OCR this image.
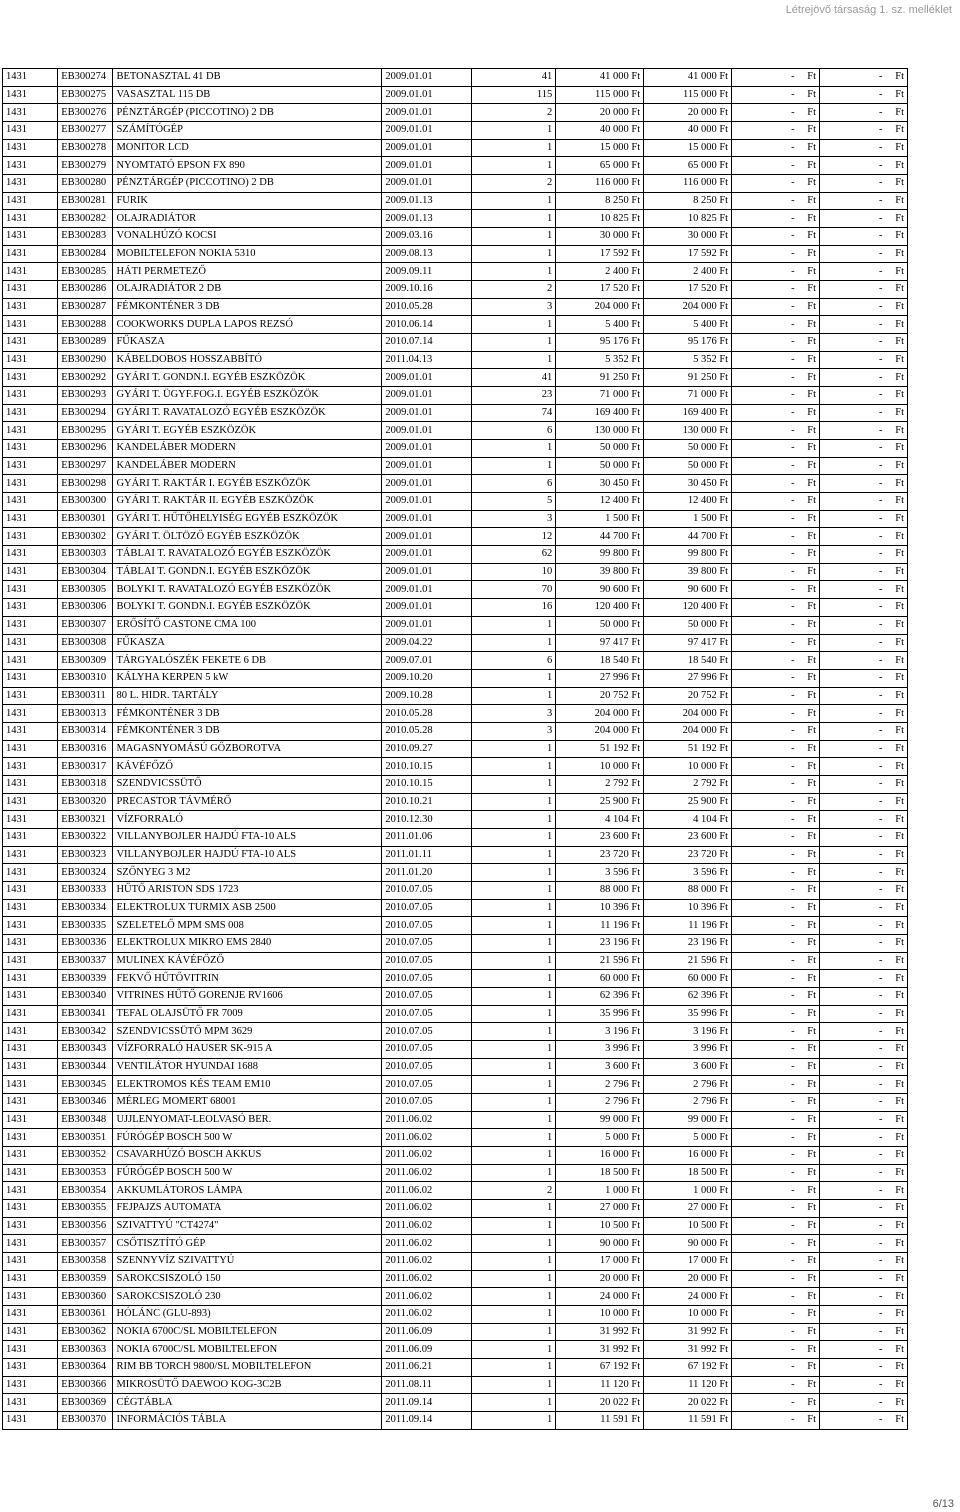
Létrejövő társaság 1. sz. melléklet
1431	EB300274	BETONASZTAL 41 DB	2009.01.01	41	41 000 Ft	41 000 Ft	- Ft	- Ft

1431	EB300275	VASASZTAL 115 DB	2009.01.01	115	115 000 Ft	115 000 Ft	- Ft	- Ft

1431	EB300276	PÉNZTÁRGÉP (PICCOTINO) 2 DB	2009.01.01	2	20 000 Ft	20 000 Ft	- Ft	- Ft

1431	EB300277	SZÁMÍTÓGÉP	2009.01.01	1	40 000 Ft	40 000 Ft	- Ft	- Ft

1431	EB300278	MONITOR LCD	2009.01.01	1	15 000 Ft	15 000 Ft	- Ft	- Ft

1431	EB300279	NYOMTATÓ EPSON FX 890	2009.01.01	1	65 000 Ft	65 000 Ft	- Ft	- Ft

1431	EB300280	PÉNZTÁRGÉP (PICCOTINO) 2 DB	2009.01.01	2	116 000 Ft	116 000 Ft	- Ft	- Ft

1431	EB300281	FURIK	2009.01.13	1	8 250 Ft	8 250 Ft	- Ft	- Ft

1431	EB300282	OLAJRADIÁTOR	2009.01.13	1	10 825 Ft	10 825 Ft	- Ft	- Ft

1431	EB300283	VONALHÚZÓ KOCSI	2009.03.16	1	30 000 Ft	30 000 Ft	- Ft	- Ft

1431	EB300284	MOBILTELEFON NOKIA 5310	2009.08.13	1	17 592 Ft	17 592 Ft	- Ft	- Ft

1431	EB300285	HÁTI PERMETEZŐ	2009.09.11	1	2 400 Ft	2 400 Ft	- Ft	- Ft

1431	EB300286	OLAJRADIÁTOR 2 DB	2009.10.16	2	17 520 Ft	17 520 Ft	- Ft	- Ft

1431	EB300287	FÉMKONTÉNER 3 DB	2010.05.28	3	204 000 Ft	204 000 Ft	- Ft	- Ft

1431	EB300288	COOKWORKS DUPLA LAPOS REZSÓ	2010.06.14	1	5 400 Ft	5 400 Ft	- Ft	- Ft

1431	EB300289	FŰKASZA	2010.07.14	1	95 176 Ft	95 176 Ft	- Ft	- Ft

1431	EB300290	KÁBELDOBOS HOSSZABBÍTÓ	2011.04.13	1	5 352 Ft	5 352 Ft	- Ft	- Ft

1431	EB300292	GYÁRI T. GONDN.I. EGYÉB ESZKÖZÖK	2009.01.01	41	91 250 Ft	91 250 Ft	- Ft	- Ft

1431	EB300293	GYÁRI T. ÜGYF.FOG.I. EGYÉB ESZKÖZÖK	2009.01.01	23	71 000 Ft	71 000 Ft	- Ft	- Ft

1431	EB300294	GYÁRI T. RAVATALOZÓ EGYÉB ESZKÖZÖK	2009.01.01	74	169 400 Ft	169 400 Ft	- Ft	- Ft

1431	EB300295	GYÁRI T. EGYÉB ESZKÖZÖK	2009.01.01	6	130 000 Ft	130 000 Ft	- Ft	- Ft

1431	EB300296	KANDELÁBER MODERN	2009.01.01	1	50 000 Ft	50 000 Ft	- Ft	- Ft

1431	EB300297	KANDELÁBER MODERN	2009.01.01	1	50 000 Ft	50 000 Ft	- Ft	- Ft

1431	EB300298	GYÁRI T. RAKTÁR I. EGYÉB ESZKÖZÖK	2009.01.01	6	30 450 Ft	30 450 Ft	- Ft	- Ft

1431	EB300300	GYÁRI T. RAKTÁR II. EGYÉB ESZKÖZÖK	2009.01.01	5	12 400 Ft	12 400 Ft	- Ft	- Ft

1431	EB300301	GYÁRI T. HŰTŐHELYISÉG EGYÉB ESZKÖZÖK	2009.01.01	3	1 500 Ft	1 500 Ft	- Ft	- Ft

1431	EB300302	GYÁRI T. ÖLTÖZŐ EGYÉB ESZKÖZÖK	2009.01.01	12	44 700 Ft	44 700 Ft	- Ft	- Ft

1431	EB300303	TÁBLAI T. RAVATALOZÓ EGYÉB ESZKÖZÖK	2009.01.01	62	99 800 Ft	99 800 Ft	- Ft	- Ft

1431	EB300304	TÁBLAI T. GONDN.I. EGYÉB ESZKÖZÖK	2009.01.01	10	39 800 Ft	39 800 Ft	- Ft	- Ft

1431	EB300305	BOLYKI T. RAVATALOZÓ EGYÉB ESZKÖZÖK	2009.01.01	70	90 600 Ft	90 600 Ft	- Ft	- Ft

1431	EB300306	BOLYKI T. GONDN.I. EGYÉB ESZKÖZÖK	2009.01.01	16	120 400 Ft	120 400 Ft	- Ft	- Ft

1431	EB300307	ERŐSÍTŐ CASTONE CMA 100	2009.01.01	1	50 000 Ft	50 000 Ft	- Ft	- Ft

1431	EB300308	FŰKASZA	2009.04.22	1	97 417 Ft	97 417 Ft	- Ft	- Ft

1431	EB300309	TÁRGYALÓSZÉK FEKETE 6 DB	2009.07.01	6	18 540 Ft	18 540 Ft	- Ft	- Ft

1431	EB300310	KÁLYHA KERPEN 5 kW	2009.10.20	1	27 996 Ft	27 996 Ft	- Ft	- Ft

1431	EB300311	80 L. HIDR. TARTÁLY	2009.10.28	1	20 752 Ft	20 752 Ft	- Ft	- Ft

1431	EB300313	FÉMKONTÉNER 3 DB	2010.05.28	3	204 000 Ft	204 000 Ft	- Ft	- Ft

1431	EB300314	FÉMKONTÉNER 3 DB	2010.05.28	3	204 000 Ft	204 000 Ft	- Ft	- Ft

1431	EB300316	MAGASNYOMÁSÚ GŐZBOROTVA	2010.09.27	1	51 192 Ft	51 192 Ft	- Ft	- Ft

1431	EB300317	KÁVÉFŐZŐ	2010.10.15	1	10 000 Ft	10 000 Ft	- Ft	- Ft

1431	EB300318	SZENDVICSSÜTŐ	2010.10.15	1	2 792 Ft	2 792 Ft	- Ft	- Ft

1431	EB300320	PRECASTOR TÁVMÉRŐ	2010.10.21	1	25 900 Ft	25 900 Ft	- Ft	- Ft

1431	EB300321	VÍZFORRALÓ	2010.12.30	1	4 104 Ft	4 104 Ft	- Ft	- Ft

1431	EB300322	VILLANYBOJLER HAJDÚ FTA-10 ALS	2011.01.06	1	23 600 Ft	23 600 Ft	- Ft	- Ft

1431	EB300323	VILLANYBOJLER HAJDÚ FTA-10 ALS	2011.01.11	1	23 720 Ft	23 720 Ft	- Ft	- Ft

1431	EB300324	SZŐNYEG 3 M2	2011.01.20	1	3 596 Ft	3 596 Ft	- Ft	- Ft

1431	EB300333	HŰTŐ ARISTON SDS 1723	2010.07.05	1	88 000 Ft	88 000 Ft	- Ft	- Ft

1431	EB300334	ELEKTROLUX TURMIX ASB 2500	2010.07.05	1	10 396 Ft	10 396 Ft	- Ft	- Ft

1431	EB300335	SZELETELŐ MPM SMS 008	2010.07.05	1	11 196 Ft	11 196 Ft	- Ft	- Ft

1431	EB300336	ELEKTROLUX MIKRO EMS 2840	2010.07.05	1	23 196 Ft	23 196 Ft	- Ft	- Ft

1431	EB300337	MULINEX KÁVÉFŐZŐ	2010.07.05	1	21 596 Ft	21 596 Ft	- Ft	- Ft

1431	EB300339	FEKVŐ HŰTŐVITRIN	2010.07.05	1	60 000 Ft	60 000 Ft	- Ft	- Ft

1431	EB300340	VITRINES HŰTŐ GORENJE RV1606	2010.07.05	1	62 396 Ft	62 396 Ft	- Ft	- Ft

1431	EB300341	TEFAL OLAJSÜTŐ FR 7009	2010.07.05	1	35 996 Ft	35 996 Ft	- Ft	- Ft

1431	EB300342	SZENDVICSSÜTŐ MPM 3629	2010.07.05	1	3 196 Ft	3 196 Ft	- Ft	- Ft

1431	EB300343	VÍZFORRALÓ HAUSER SK-915 A	2010.07.05	1	3 996 Ft	3 996 Ft	- Ft	- Ft

1431	EB300344	VENTILÁTOR HYUNDAI 1688	2010.07.05	1	3 600 Ft	3 600 Ft	- Ft	- Ft

1431	EB300345	ELEKTROMOS KÉS TEAM EM10	2010.07.05	1	2 796 Ft	2 796 Ft	- Ft	- Ft

1431	EB300346	MÉRLEG MOMERT 68001	2010.07.05	1	2 796 Ft	2 796 Ft	- Ft	- Ft

1431	EB300348	UJJLENYOMAT-LEOLVASÓ BER.	2011.06.02	1	99 000 Ft	99 000 Ft	- Ft	- Ft

1431	EB300351	FÚRÓGÉP BOSCH 500 W	2011.06.02	1	5 000 Ft	5 000 Ft	- Ft	- Ft

1431	EB300352	CSAVARHÚZÓ BOSCH AKKUS	2011.06.02	1	16 000 Ft	16 000 Ft	- Ft	- Ft

1431	EB300353	FÚRÓGÉP BOSCH 500 W	2011.06.02	1	18 500 Ft	18 500 Ft	- Ft	- Ft

1431	EB300354	AKKUMLÁTOROS LÁMPA	2011.06.02	2	1 000 Ft	1 000 Ft	- Ft	- Ft

1431	EB300355	FEJPAJZS AUTOMATA	2011.06.02	1	27 000 Ft	27 000 Ft	- Ft	- Ft

1431	EB300356	SZIVATTYÚ "CT4274"	2011.06.02	1	10 500 Ft	10 500 Ft	- Ft	- Ft

1431	EB300357	CSŐTISZTÍTÓ GÉP	2011.06.02	1	90 000 Ft	90 000 Ft	- Ft	- Ft

1431	EB300358	SZENNYVÍZ SZIVATTYÚ	2011.06.02	1	17 000 Ft	17 000 Ft	- Ft	- Ft

1431	EB300359	SAROKCSISZOLÓ 150	2011.06.02	1	20 000 Ft	20 000 Ft	- Ft	- Ft

1431	EB300360	SAROKCSISZOLÓ 230	2011.06.02	1	24 000 Ft	24 000 Ft	- Ft	- Ft

1431	EB300361	HÓLÁNC (GLU-893)	2011.06.02	1	10 000 Ft	10 000 Ft	- Ft	- Ft

1431	EB300362	NOKIA 6700C/SL MOBILTELEFON	2011.06.09	1	31 992 Ft	31 992 Ft	- Ft	- Ft

1431	EB300363	NOKIA 6700C/SL MOBILTELEFON	2011.06.09	1	31 992 Ft	31 992 Ft	- Ft	- Ft

1431	EB300364	RIM BB TORCH 9800/SL MOBILTELEFON	2011.06.21	1	67 192 Ft	67 192 Ft	- Ft	- Ft

1431	EB300366	MIKROSÜTŐ DAEWOO KOG-3C2B	2011.08.11	1	11 120 Ft	11 120 Ft	- Ft	- Ft

1431	EB300369	CÉGTÁBLA	2011.09.14	1	20 022 Ft	20 022 Ft	- Ft	- Ft

1431	EB300370	INFORMÁCIÓS TÁBLA	2011.09.14	1	11 591 Ft	11 591 Ft	- Ft	- Ft
6/13
